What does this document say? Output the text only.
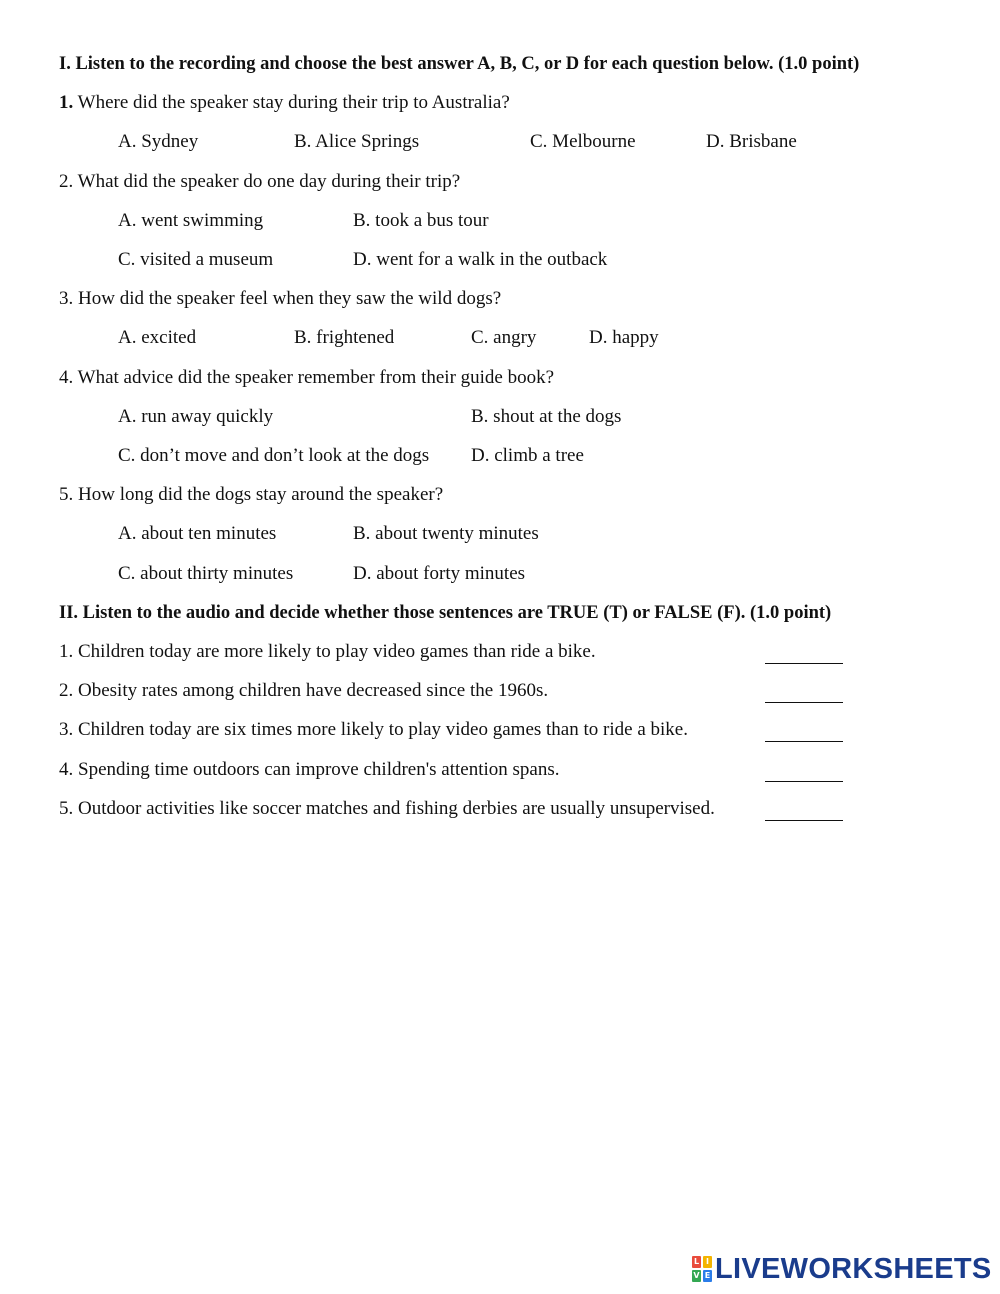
I. Listen to the recording and choose the best answer A, B, C, or D for each question below. (1.0 point)
1. Where did the speaker stay during their trip to Australia?
A. Sydney	B. Alice Springs	C. Melbourne	D. Brisbane
2. What did the speaker do one day during their trip?
A. went swimming	B. took a bus tour
C. visited a museum	D. went for a walk in the outback
3. How did the speaker feel when they saw the wild dogs?
A. excited	B. frightened	C. angry	D. happy
4. What advice did the speaker remember from their guide book?
A. run away quickly	B. shout at the dogs
C. don’t move and don’t look at the dogs D. climb a tree
5. How long did the dogs stay around the speaker?
A. about ten minutes	B. about twenty minutes
C. about thirty minutes	D. about forty minutes
II. Listen to the audio and decide whether those sentences are TRUE (T) or FALSE (F). (1.0 point)
1. Children today are more likely to play video games than ride a bike.
2. Obesity rates among children have decreased since the 1960s.
3. Children today are six times more likely to play video games than to ride a bike.
4. Spending time outdoors can improve children's attention spans.
5. Outdoor activities like soccer matches and fishing derbies are usually unsupervised.
L I
V E LIVEWORKSHEETS
